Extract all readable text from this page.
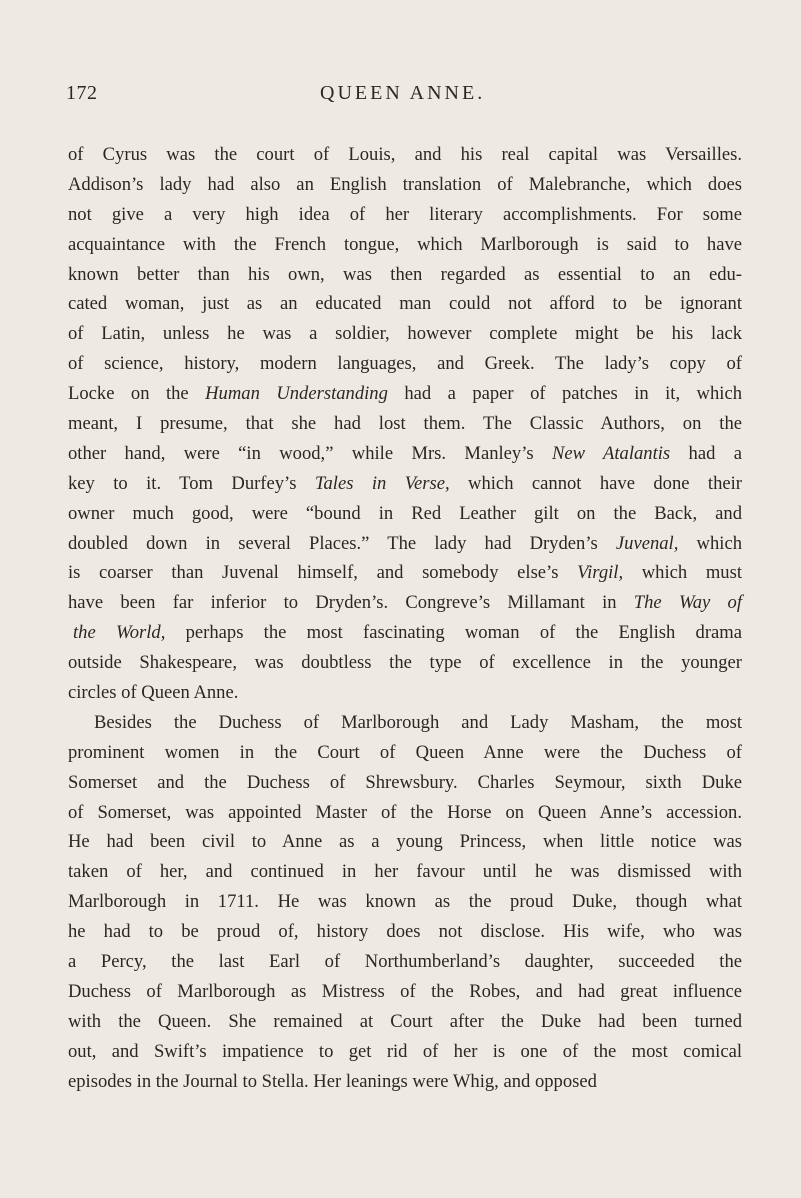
172	QUEEN ANNE.
of Cyrus was the court of Louis, and his real capital was Versailles.
Addison’s lady had also an English translation of Malebranche, which does
not give a very high idea of her literary accomplishments. For some
acquaintance with the French tongue, which Marlborough is said to have
known better than his own, was then regarded as essential to an edu-
cated woman, just as an educated man could not afford to be ignorant
of Latin, unless he was a soldier, however complete might be his lack
of science, history, modern languages, and Greek. The lady’s copy of
Locke on the Human Understanding had a paper of patches in it, which
meant, I presume, that she had lost them. The Classic Authors, on the
other hand, were “in wood,” while Mrs. Manley’s New Atalantis had a
key to it. Tom Durfey’s Tales in Verse, which cannot have done their
owner much good, were “bound in Red Leather gilt on the Back, and
doubled down in several Places.” The lady had Dryden’s Juvenal, which
is coarser than Juvenal himself, and somebody else’s Virgil, which must
have been far inferior to Dryden’s. Congreve’s Millamant in The Way of
the World, perhaps the most fascinating woman of the English drama
outside Shakespeare, was doubtless the type of excellence in the younger
circles of Queen Anne.
Besides the Duchess of Marlborough and Lady Masham, the most
prominent women in the Court of Queen Anne were the Duchess of
Somerset and the Duchess of Shrewsbury. Charles Seymour, sixth Duke
of Somerset, was appointed Master of the Horse on Queen Anne’s accession.
He had been civil to Anne as a young Princess, when little notice was
taken of her, and continued in her favour until he was dismissed with
Marlborough in 1711. He was known as the proud Duke, though what
he had to be proud of, history does not disclose. His wife, who was
a Percy, the last Earl of Northumberland’s daughter, succeeded the
Duchess of Marlborough as Mistress of the Robes, and had great influence
with the Queen. She remained at Court after the Duke had been turned
out, and Swift’s impatience to get rid of her is one of the most comical
episodes in the Journal to Stella. Her leanings were Whig, and opposed
